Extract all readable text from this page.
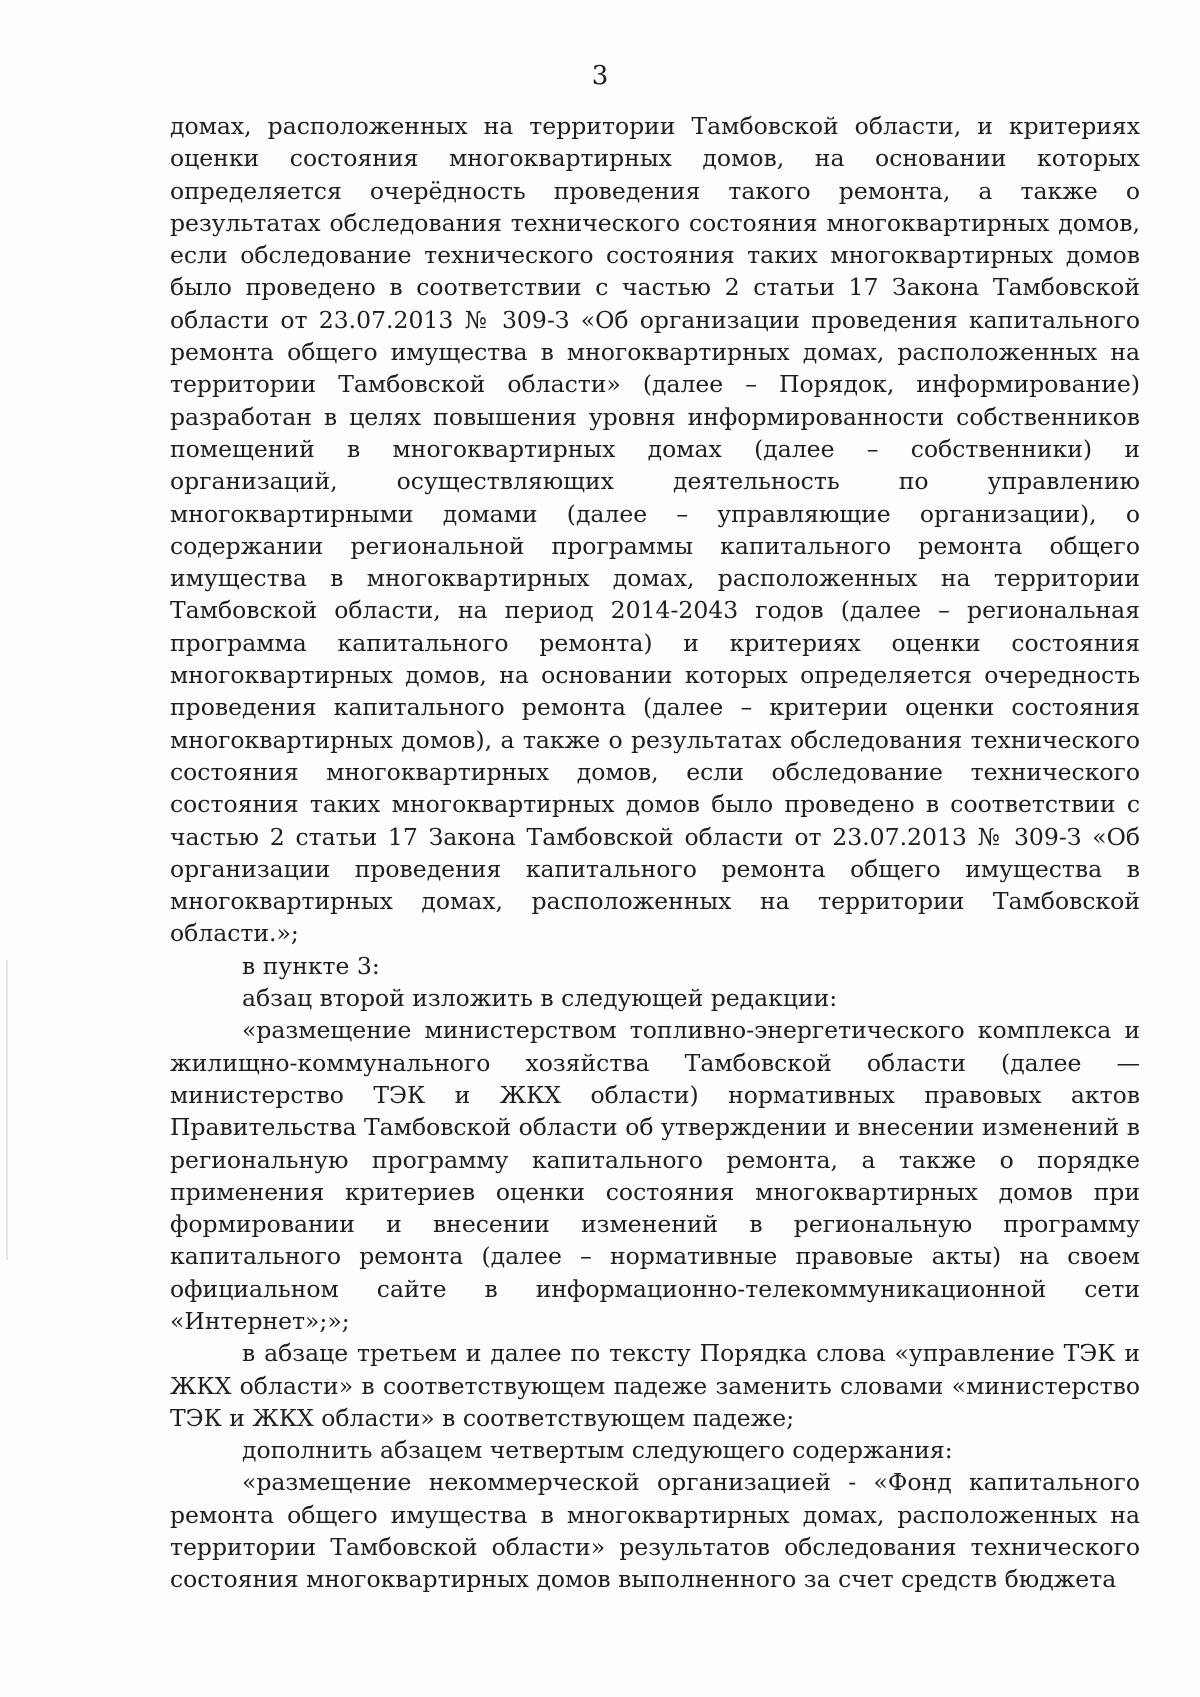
3

домах, расположенных на территории Тамбовской области, и критериях оценки состояния многоквартирных домов, на основании которых определяется очерёдность проведения такого ремонта, а также о результатах обследования технического состояния многоквартирных домов, если обследование технического состояния таких многоквартирных домов было проведено в соответствии с частью 2 статьи 17 Закона Тамбовской области от 23.07.2013 № 309-З «Об организации проведения капитального ремонта общего имущества в многоквартирных домах, расположенных на территории Тамбовской области» (далее – Порядок, информирование) разработан в целях повышения уровня информированности собственников помещений в многоквартирных домах (далее – собственники) и организаций, осуществляющих деятельность по управлению многоквартирными домами (далее – управляющие организации), о содержании региональной программы капитального ремонта общего имущества в многоквартирных домах, расположенных на территории Тамбовской области, на период 2014-2043 годов (далее – региональная программа капитального ремонта) и критериях оценки состояния многоквартирных домов, на основании которых определяется очередность проведения капитального ремонта (далее – критерии оценки состояния многоквартирных домов), а также о результатах обследования технического состояния многоквартирных домов, если обследование технического состояния таких многоквартирных домов было проведено в соответствии с частью 2 статьи 17 Закона Тамбовской области от 23.07.2013 № 309-З «Об организации проведения капитального ремонта общего имущества в многоквартирных домах, расположенных на территории Тамбовской области.»;

в пункте 3:

абзац второй изложить в следующей редакции:

«размещение министерством топливно-энергетического комплекса и жилищно-коммунального хозяйства Тамбовской области (далее — министерство ТЭК и ЖКХ области) нормативных правовых актов Правительства Тамбовской области об утверждении и внесении изменений в региональную программу капитального ремонта, а также о порядке применения критериев оценки состояния многоквартирных домов при формировании и внесении изменений в региональную программу капитального ремонта (далее – нормативные правовые акты) на своем официальном сайте в информационно-телекоммуникационной сети «Интернет»;»;

в абзаце третьем и далее по тексту Порядка слова «управление ТЭК и ЖКХ области» в соответствующем падеже заменить словами «министерство ТЭК и ЖКХ области» в соответствующем падеже;

дополнить абзацем четвертым следующего содержания:

«размещение некоммерческой организацией - «Фонд капитального ремонта общего имущества в многоквартирных домах, расположенных на территории Тамбовской области» результатов обследования технического состояния многоквартирных домов выполненного за счет средств бюджета
